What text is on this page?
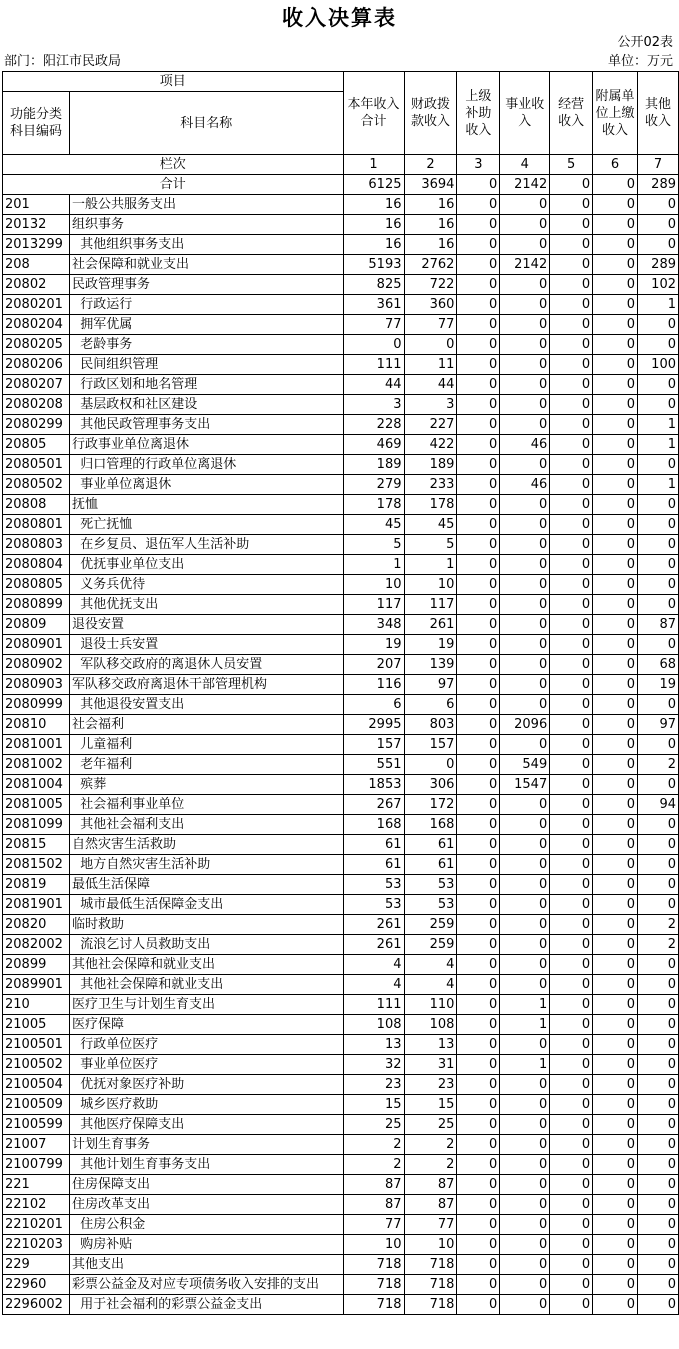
收入决算表
公开02表
部门：阳江市民政局	单位：万元
项目		本年收入合计	财政拨款收入	上级补助收入	事业收入	经营收入	附属单位上缴收入	其他收入
功能分类科目编码	科目名称							
栏次		1	2	3	4	5	6	7
合计		6125	3694	0	2142	0	0	289
201	一般公共服务支出	16	16	0	0	0	0	0
20132	组织事务	16	16	0	0	0	0	0
2013299	其他组织事务支出	16	16	0	0	0	0	0
208	社会保障和就业支出	5193	2762	0	2142	0	0	289
20802	民政管理事务	825	722	0	0	0	0	102
2080201	行政运行	361	360	0	0	0	0	1
2080204	拥军优属	77	77	0	0	0	0	0
2080205	老龄事务	0	0	0	0	0	0	0
2080206	民间组织管理	111	11	0	0	0	0	100
2080207	行政区划和地名管理	44	44	0	0	0	0	0
2080208	基层政权和社区建设	3	3	0	0	0	0	0
2080299	其他民政管理事务支出	228	227	0	0	0	0	1
20805	行政事业单位离退休	469	422	0	46	0	0	1
2080501	归口管理的行政单位离退休	189	189	0	0	0	0	0
2080502	事业单位离退休	279	233	0	46	0	0	1
20808	抚恤	178	178	0	0	0	0	0
2080801	死亡抚恤	45	45	0	0	0	0	0
2080803	在乡复员、退伍军人生活补助	5	5	0	0	0	0	0
2080804	优抚事业单位支出	1	1	0	0	0	0	0
2080805	义务兵优待	10	10	0	0	0	0	0
2080899	其他优抚支出	117	117	0	0	0	0	0
20809	退役安置	348	261	0	0	0	0	87
2080901	退役士兵安置	19	19	0	0	0	0	0
2080902	军队移交政府的离退休人员安置	207	139	0	0	0	0	68
2080903	军队移交政府离退休干部管理机构	116	97	0	0	0	0	19
2080999	其他退役安置支出	6	6	0	0	0	0	0
20810	社会福利	2995	803	0	2096	0	0	97
2081001	儿童福利	157	157	0	0	0	0	0
2081002	老年福利	551	0	0	549	0	0	2
2081004	殡葬	1853	306	0	1547	0	0	0
2081005	社会福利事业单位	267	172	0	0	0	0	94
2081099	其他社会福利支出	168	168	0	0	0	0	0
20815	自然灾害生活救助	61	61	0	0	0	0	0
2081502	地方自然灾害生活补助	61	61	0	0	0	0	0
20819	最低生活保障	53	53	0	0	0	0	0
2081901	城市最低生活保障金支出	53	53	0	0	0	0	0
20820	临时救助	261	259	0	0	0	0	2
2082002	流浪乞讨人员救助支出	261	259	0	0	0	0	2
20899	其他社会保障和就业支出	4	4	0	0	0	0	0
2089901	其他社会保障和就业支出	4	4	0	0	0	0	0
210	医疗卫生与计划生育支出	111	110	0	1	0	0	0
21005	医疗保障	108	108	0	1	0	0	0
2100501	行政单位医疗	13	13	0	0	0	0	0
2100502	事业单位医疗	32	31	0	1	0	0	0
2100504	优抚对象医疗补助	23	23	0	0	0	0	0
2100509	城乡医疗救助	15	15	0	0	0	0	0
2100599	其他医疗保障支出	25	25	0	0	0	0	0
21007	计划生育事务	2	2	0	0	0	0	0
2100799	其他计划生育事务支出	2	2	0	0	0	0	0
221	住房保障支出	87	87	0	0	0	0	0
22102	住房改革支出	87	87	0	0	0	0	0
2210201	住房公积金	77	77	0	0	0	0	0
2210203	购房补贴	10	10	0	0	0	0	0
229	其他支出	718	718	0	0	0	0	0
22960	彩票公益金及对应专项债务收入安排的支出	718	718	0	0	0	0	0
2296002	用于社会福利的彩票公益金支出	718	718	0	0	0	0	0
